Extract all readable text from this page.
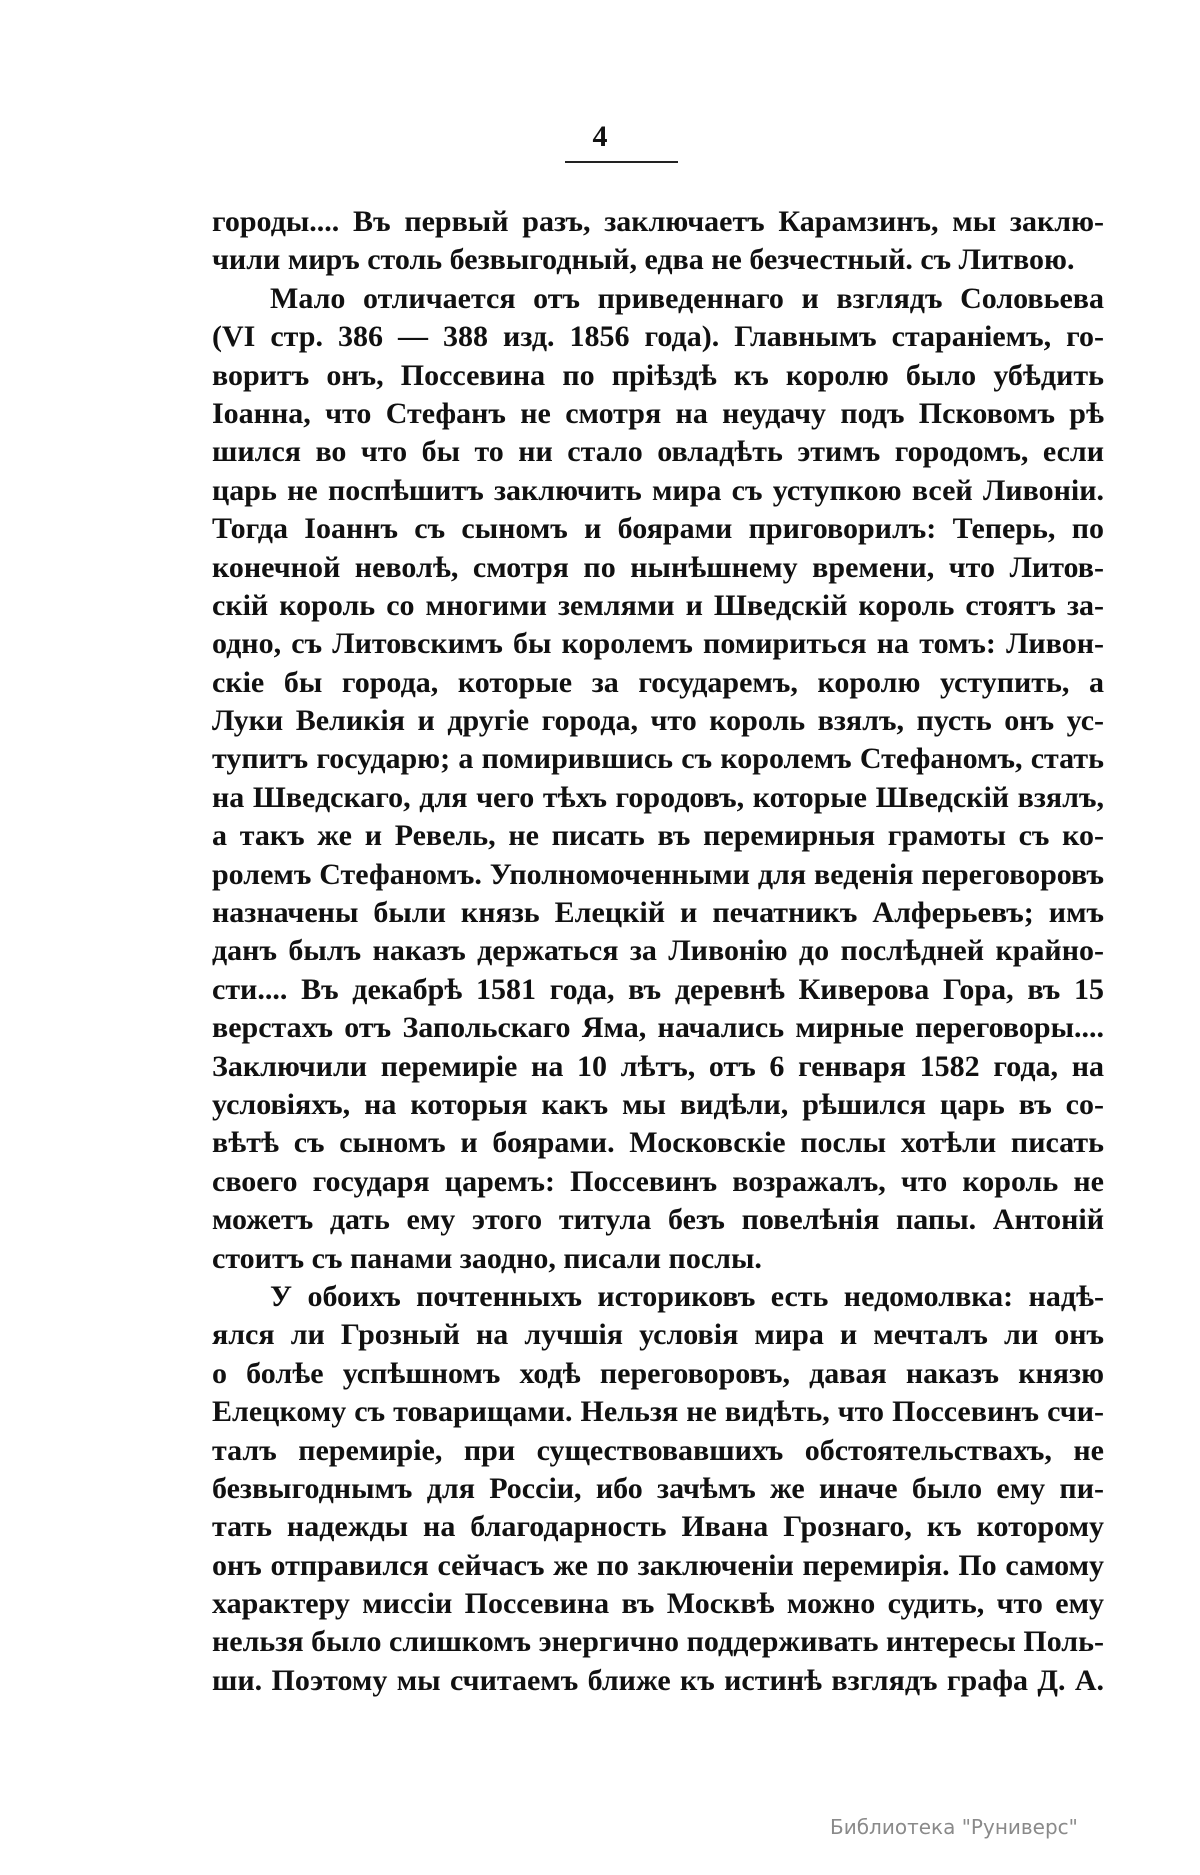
4
городы.... Въ первый разъ, заключаетъ Карамзинъ, мы заклю-
чили миръ столь безвыгодный, едва не безчестный. съ Литвою.
Мало отличается отъ приведеннаго и взглядъ Соловьева
(VI стр. 386 — 388 изд. 1856 года). Главнымъ стараніемъ, го-
воритъ онъ, Поссевина по пріѣздѣ къ королю было убѣдить
Іоанна, что Стефанъ не смотря на неудачу подъ Псковомъ рѣ
шился во что бы то ни стало овладѣть этимъ городомъ, если
царь не поспѣшитъ заключить мира съ уступкою всей Ливоніи.
Тогда Іоаннъ съ сыномъ и боярами приговорилъ: Теперь, по
конечной неволѣ, смотря по нынѣшнему времени, что Литов-
скій король со многими землями и Шведскій король стоятъ за-
одно, съ Литовскимъ бы королемъ помириться на томъ: Ливон-
скіе бы города, которые за государемъ, королю уступить, а
Луки Великія и другіе города, что король взялъ, пусть онъ ус-
тупитъ государю; а помирившись съ королемъ Стефаномъ, стать
на Шведскаго, для чего тѣхъ городовъ, которые Шведскій взялъ,
а такъ же и Ревель, не писать въ перемирныя грамоты съ ко-
ролемъ Стефаномъ. Уполномоченными для веденія переговоровъ
назначены были князь Елецкій и печатникъ Алферьевъ; имъ
данъ былъ наказъ держаться за Ливонію до послѣдней крайно-
сти.... Въ декабрѣ 1581 года, въ деревнѣ Киверова Гора, въ 15
верстахъ отъ Запольскаго Яма, начались мирные переговоры....
Заключили перемиріе на 10 лѣтъ, отъ 6 генваря 1582 года, на
условіяхъ, на которыя какъ мы видѣли, рѣшился царь въ со-
вѣтѣ съ сыномъ и боярами. Московскіе послы хотѣли писать
своего государя царемъ: Поссевинъ возражалъ, что король не
можетъ дать ему этого титула безъ повелѣнія папы. Антоній
стоитъ съ панами заодно, писали послы.
У обоихъ почтенныхъ историковъ есть недомолвка: надѣ-
ялся ли Грозный на лучшія условія мира и мечталъ ли онъ
о болѣе успѣшномъ ходѣ переговоровъ, давая наказъ князю
Елецкому съ товарищами. Нельзя не видѣть, что Поссевинъ счи-
талъ перемиріе, при существовавшихъ обстоятельствахъ, не
безвыгоднымъ для Россіи, ибо зачѣмъ же иначе было ему пи-
тать надежды на благодарность Ивана Грознаго, къ которому
онъ отправился сейчасъ же по заключеніи перемирія. По самому
характеру миссіи Поссевина въ Москвѣ можно судить, что ему
нельзя было слишкомъ энергично поддерживать интересы Поль-
ши. Поэтому мы считаемъ ближе къ истинѣ взглядъ графа Д. А.
Библиотека "Руниверс"
